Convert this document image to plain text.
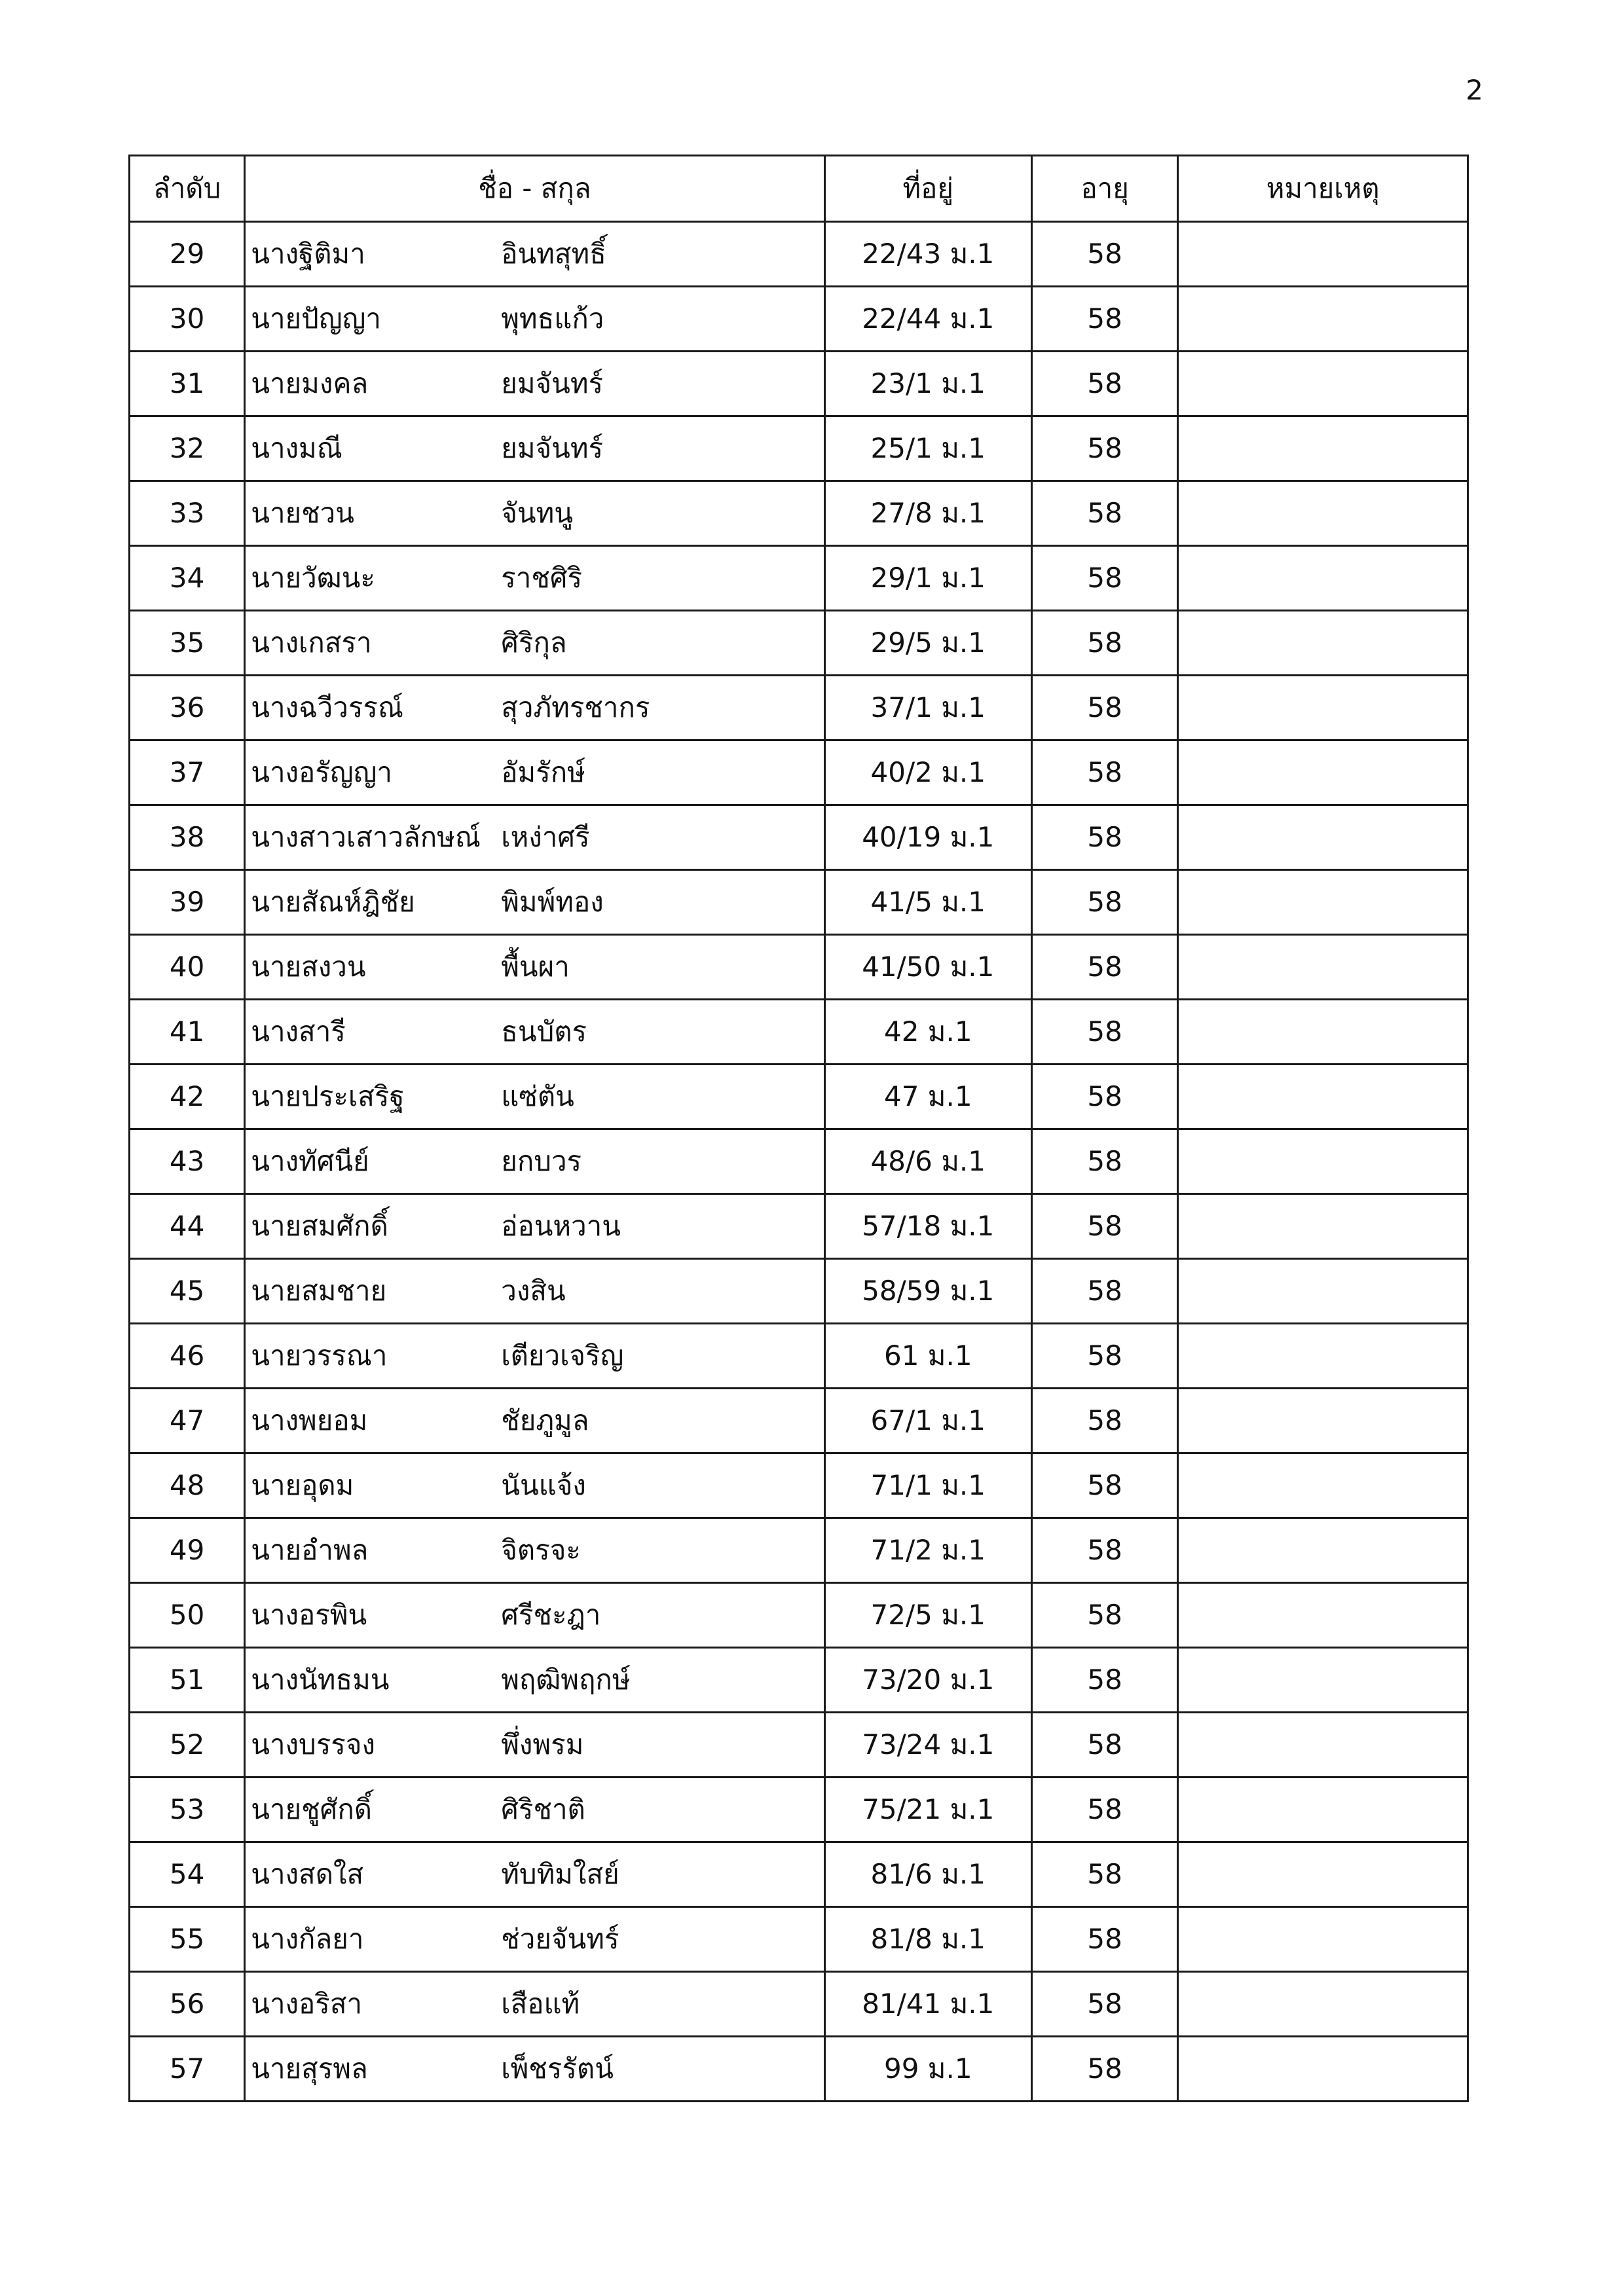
2
ลำดับ	ชื่อ - สกุล	ที่อยู่	อายุ	หมายเหตุ
29	นางฐิติมา อินทสุทธิ์	22/43 ม.1	58	
30	นายปัญญา พุทธแก้ว	22/44 ม.1	58	
31	นายมงคล ยมจันทร์	23/1 ม.1	58	
32	นางมณี ยมจันทร์	25/1 ม.1	58	
33	นายชวน จันทนู	27/8 ม.1	58	
34	นายวัฒนะ ราชศิริ	29/1 ม.1	58	
35	นางเกสรา ศิริกุล	29/5 ม.1	58	
36	นางฉวีวรรณ์ สุวภัทรชากร	37/1 ม.1	58	
37	นางอรัญญา อัมรักษ์	40/2 ม.1	58	
38	นางสาวเสาวลักษณ์ เหง่าศรี	40/19 ม.1	58	
39	นายสัณห์ฎิชัย พิมพ์ทอง	41/5 ม.1	58	
40	นายสงวน พื้นผา	41/50 ม.1	58	
41	นางสารี ธนบัตร	42 ม.1	58	
42	นายประเสริฐ แซ่ตัน	47 ม.1	58	
43	นางทัศนีย์ ยกบวร	48/6 ม.1	58	
44	นายสมศักดิ์ อ่อนหวาน	57/18 ม.1	58	
45	นายสมชาย วงสิน	58/59 ม.1	58	
46	นายวรรณา เตียวเจริญ	61 ม.1	58	
47	นางพยอม ชัยภูมูล	67/1 ม.1	58	
48	นายอุดม นันแจ้ง	71/1 ม.1	58	
49	นายอำพล จิตรจะ	71/2 ม.1	58	
50	นางอรพิน ศรีชะฎา	72/5 ม.1	58	
51	นางนัทธมน พฤฒิพฤกษ์	73/20 ม.1	58	
52	นางบรรจง พึ่งพรม	73/24 ม.1	58	
53	นายชูศักดิ์ ศิริชาติ	75/21 ม.1	58	
54	นางสดใส ทับทิมใสย์	81/6 ม.1	58	
55	นางกัลยา ช่วยจันทร์	81/8 ม.1	58	
56	นางอริสา เสือแท้	81/41 ม.1	58	
57	นายสุรพล เพ็ชรรัตน์	99 ม.1	58	
